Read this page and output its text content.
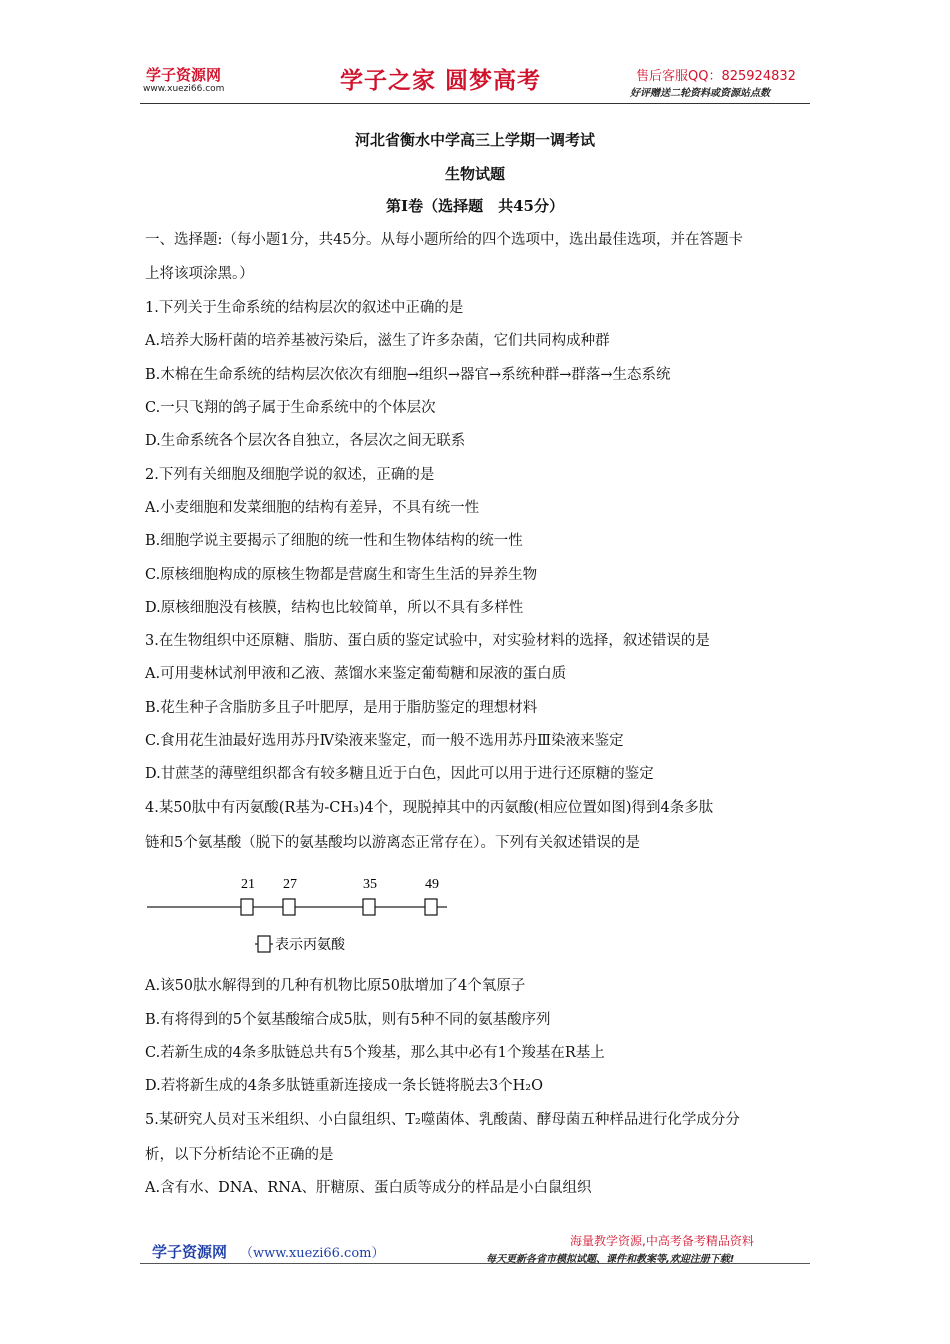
学子资源网
www.xuezi66.com	学子之家 圆梦高考	售后客服QQ：825924832
好评赠送二轮资料或资源站点数
河北省衡水中学高三上学期一调考试
生物试题
第Ⅰ卷（选择题　共45分）
一、选择题:（每小题1分，共45分。从每小题所给的四个选项中，选出最佳选项，并在答题卡
上将该项涂黑。）
1.下列关于生命系统的结构层次的叙述中正确的是
A.培养大肠杆菌的培养基被污染后，滋生了许多杂菌，它们共同构成种群
B.木棉在生命系统的结构层次依次有细胞→组织→器官→系统种群→群落→生态系统
C.一只飞翔的鸽子属于生命系统中的个体层次
D.生命系统各个层次各自独立，各层次之间无联系
2.下列有关细胞及细胞学说的叙述，正确的是
A.小麦细胞和发菜细胞的结构有差异，不具有统一性
B.细胞学说主要揭示了细胞的统一性和生物体结构的统一性
C.原核细胞构成的原核生物都是营腐生和寄生生活的异养生物
D.原核细胞没有核膜，结构也比较简单，所以不具有多样性
3.在生物组织中还原糖、脂肪、蛋白质的鉴定试验中，对实验材料的选择，叙述错误的是
A.可用斐林试剂甲液和乙液、蒸馏水来鉴定葡萄糖和尿液的蛋白质
B.花生种子含脂肪多且子叶肥厚，是用于脂肪鉴定的理想材料
C.食用花生油最好选用苏丹Ⅳ染液来鉴定，而一般不选用苏丹Ⅲ染液来鉴定
D.甘蔗茎的薄壁组织都含有较多糖且近于白色，因此可以用于进行还原糖的鉴定
4.某50肽中有丙氨酸(R基为-CH₃)4个，现脱掉其中的丙氨酸(相应位置如图)得到4条多肽
链和5个氨基酸（脱下的氨基酸均以游离态正常存在）。下列有关叙述错误的是
21 27	35	49
表示丙氨酸
A.该50肽水解得到的几种有机物比原50肽增加了4个氧原子
B.有将得到的5个氨基酸缩合成5肽，则有5种不同的氨基酸序列
C.若新生成的4条多肽链总共有5个羧基，那么其中必有1个羧基在R基上
D.若将新生成的4条多肽链重新连接成一条长链将脱去3个H₂O
5.某研究人员对玉米组织、小白鼠组织、T₂噬菌体、乳酸菌、酵母菌五种样品进行化学成分分
析，以下分析结论不正确的是
A.含有水、DNA、RNA、肝糖原、蛋白质等成分的样品是小白鼠组织
学子资源网 （www.xuezi66.com）
海量教学资源,中高考备考精品资料
每天更新各省市模拟试题、课件和教案等,欢迎注册下载!
